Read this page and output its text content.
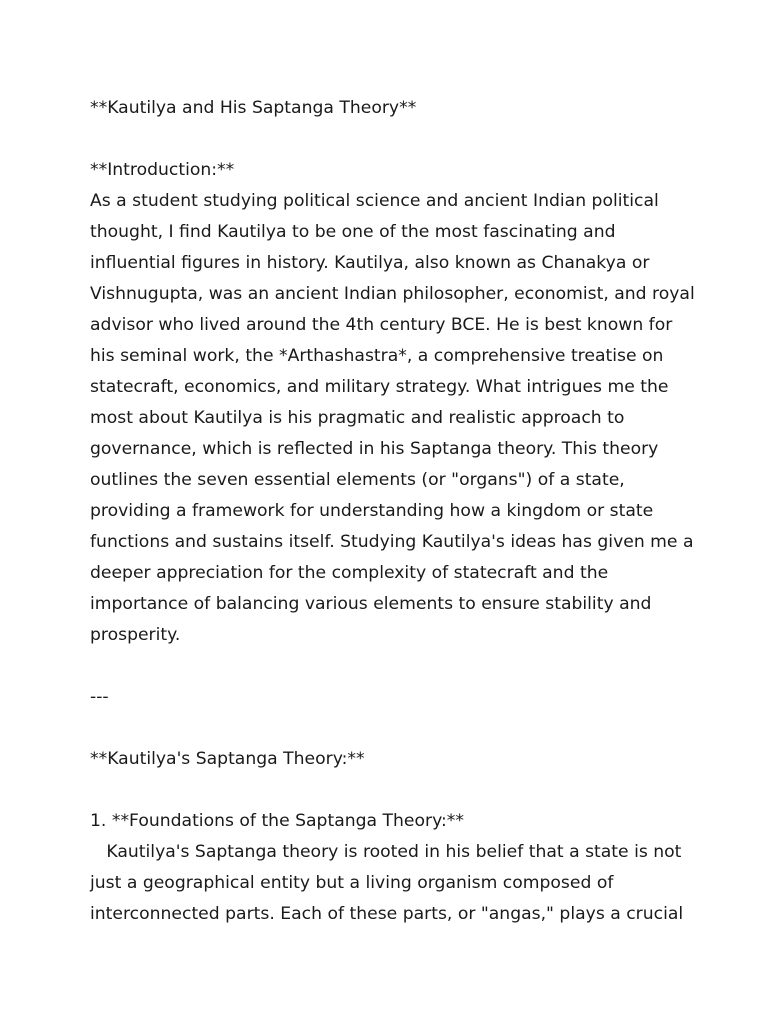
**Kautilya and His Saptanga Theory**
**Introduction:**
As a student studying political science and ancient Indian political
thought, I find Kautilya to be one of the most fascinating and
influential figures in history. Kautilya, also known as Chanakya or
Vishnugupta, was an ancient Indian philosopher, economist, and royal
advisor who lived around the 4th century BCE. He is best known for
his seminal work, the *Arthashastra*, a comprehensive treatise on
statecraft, economics, and military strategy. What intrigues me the
most about Kautilya is his pragmatic and realistic approach to
governance, which is reflected in his Saptanga theory. This theory
outlines the seven essential elements (or "organs") of a state,
providing a framework for understanding how a kingdom or state
functions and sustains itself. Studying Kautilya's ideas has given me a
deeper appreciation for the complexity of statecraft and the
importance of balancing various elements to ensure stability and
prosperity.
---
**Kautilya's Saptanga Theory:**
1. **Foundations of the Saptanga Theory:**
Kautilya's Saptanga theory is rooted in his belief that a state is not
just a geographical entity but a living organism composed of
interconnected parts. Each of these parts, or "angas," plays a crucial
